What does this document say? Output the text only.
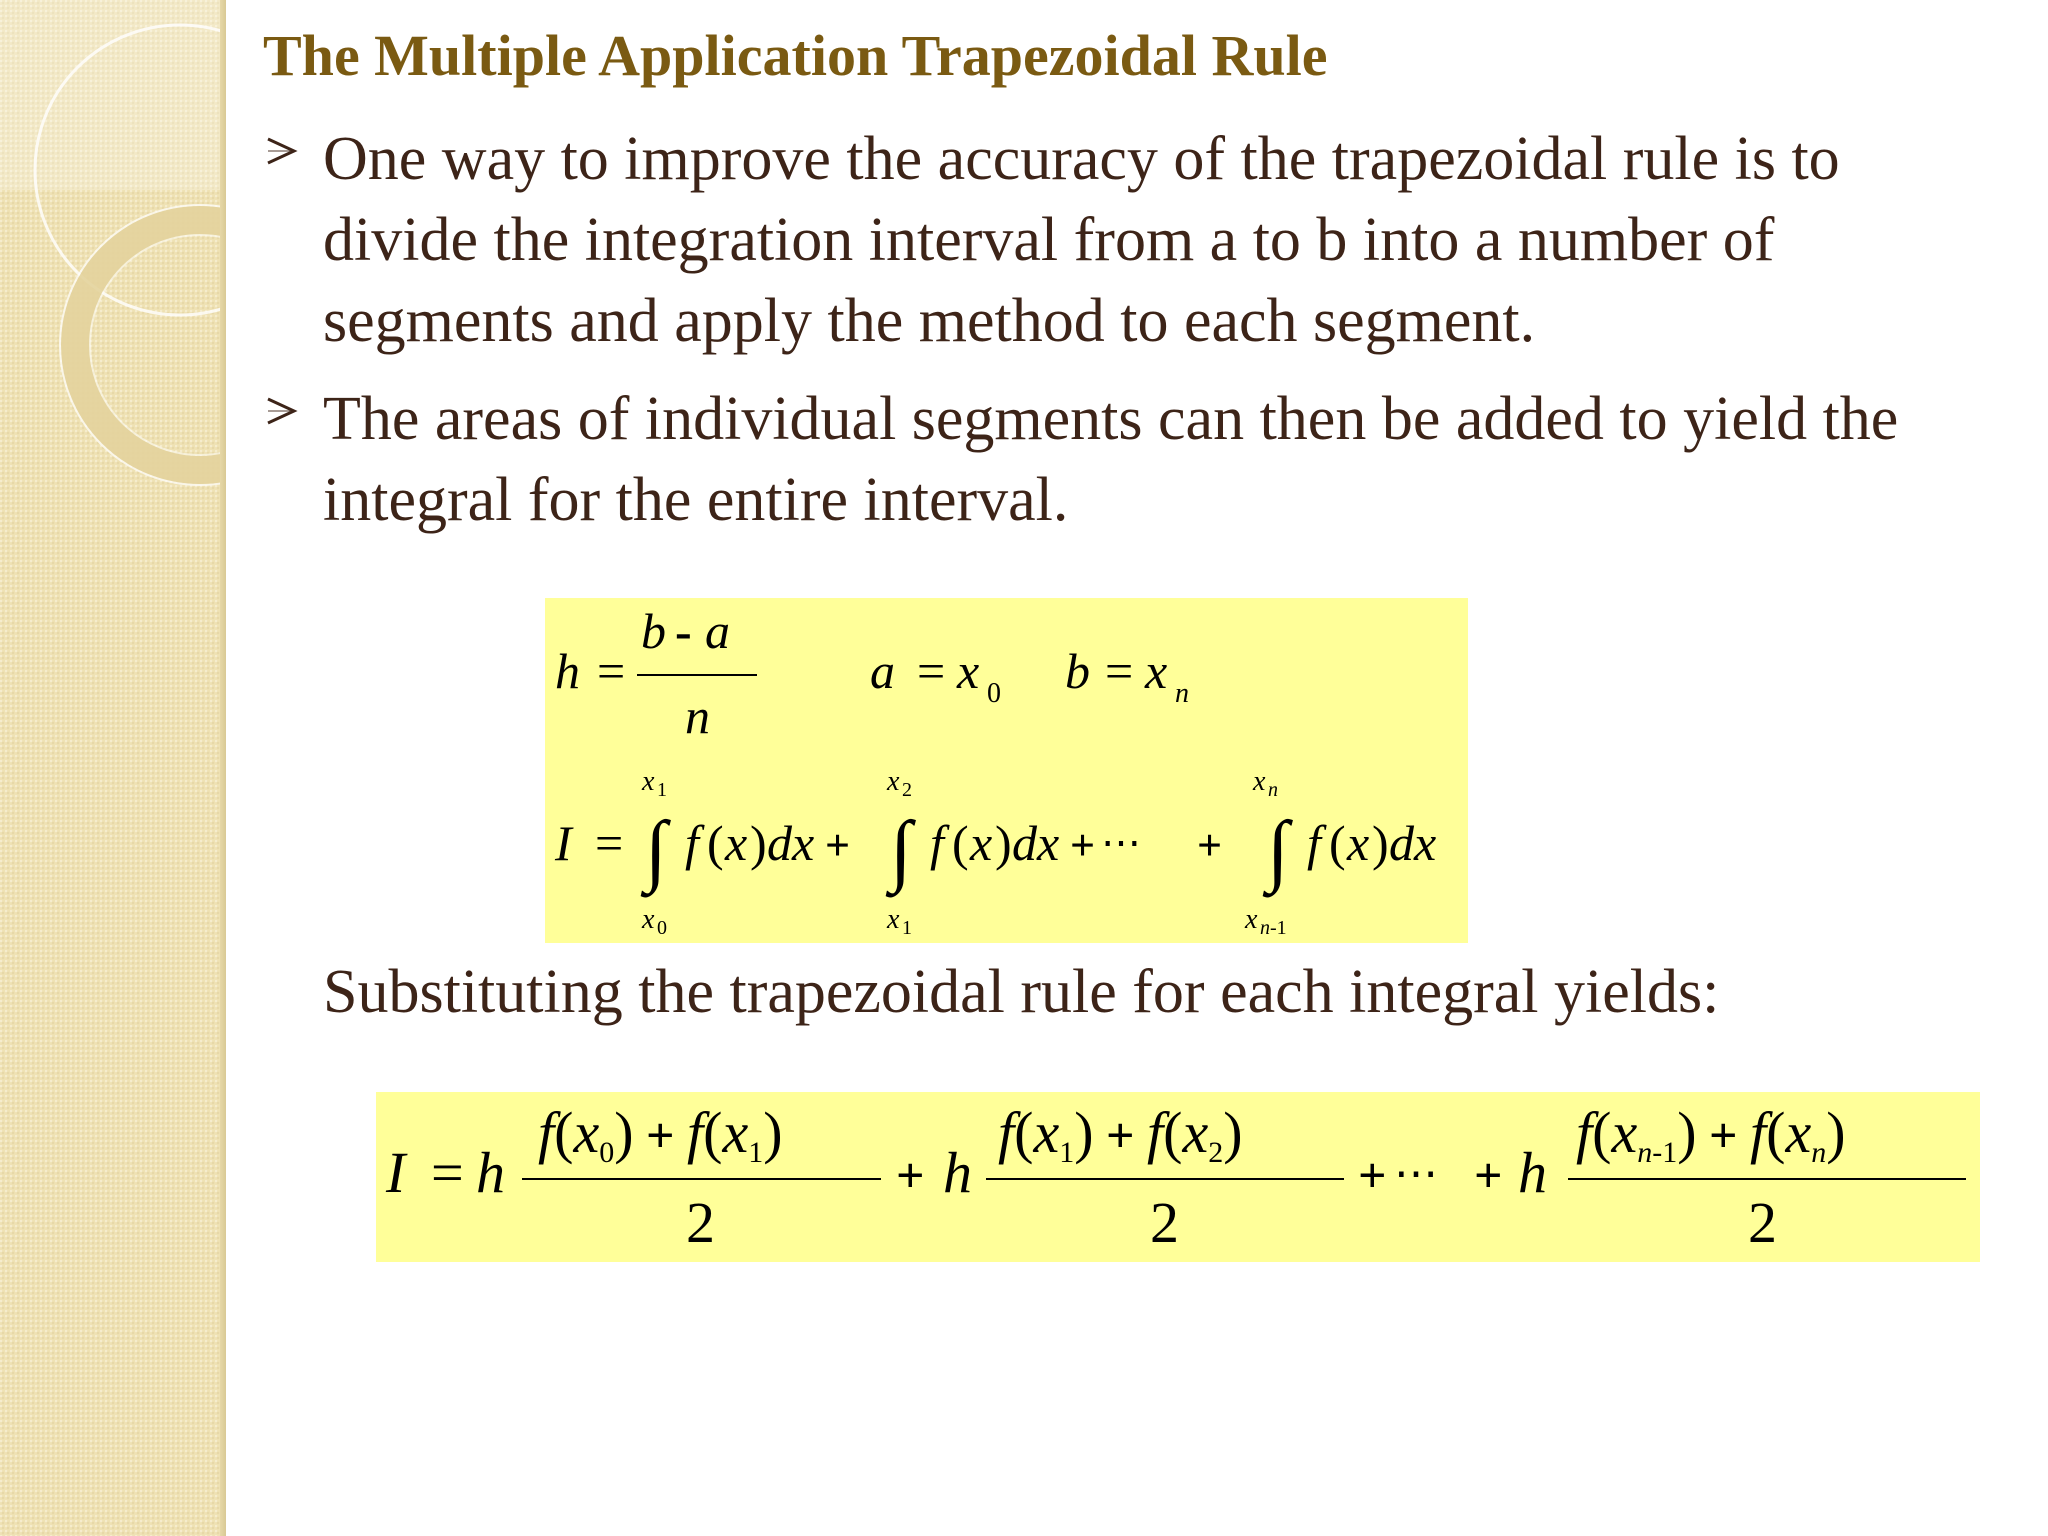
The Multiple Application Trapezoidal Rule
One way to improve the accuracy of the trapezoidal rule is to divide the integration interval from a to b into a number of segments and apply the method to each segment.
The areas of individual segments can then be added to yield the integral for the entire interval.
h =
b - a
n
a = x 0 b = x n
I =
x 1
∫
x 0
f ( x ) dx +
x 2
∫
x 1
f ( x ) dx + ⋯ +
x n
∫
x n-1
f ( x ) dx
Substituting the trapezoidal rule for each integral yields:
I = h
f(x0) + f(x1)
2
+ h
f(x1) + f(x2)
2
+ ⋯ + h
f(xn-1) + f(xn)
2
